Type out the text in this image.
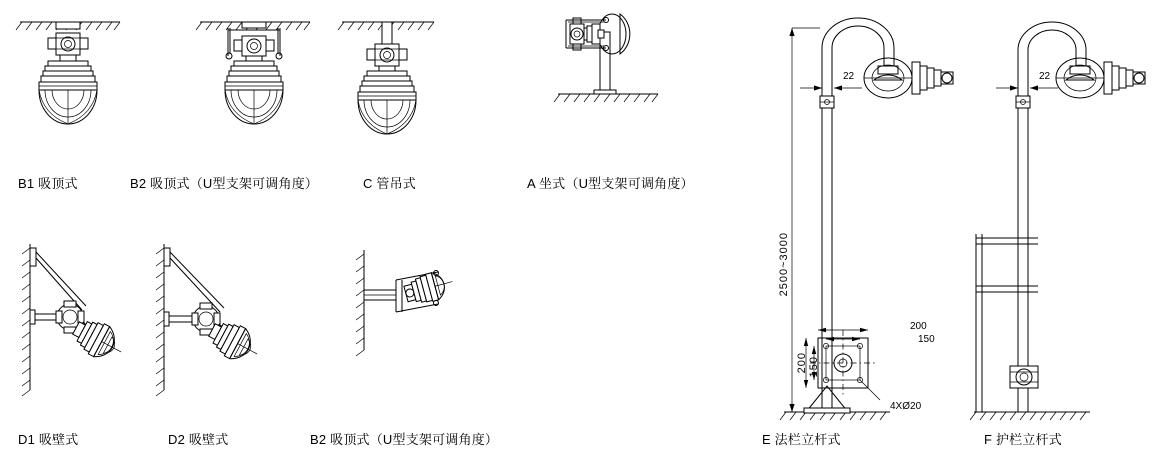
B1 吸顶式	B2 吸顶式（U型支架可调角度）	C 管吊式	A 坐式（U型支架可调角度）
D1 吸壁式	D2 吸壁式	B2 吸顶式（U型支架可调角度）
2500~3000
22
200
150
200 150
4XØ20
E 法栏立杆式
22
F 护栏立杆式
